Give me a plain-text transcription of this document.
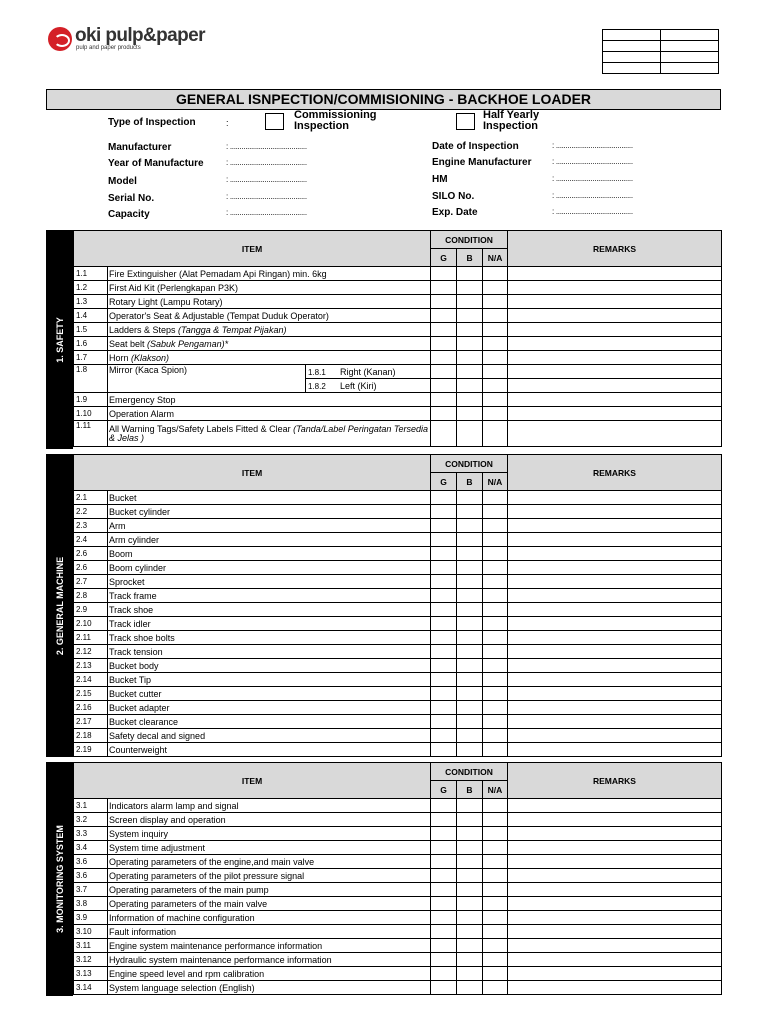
oki pulp&paper
pulp and paper products

GENERAL ISNPECTION/COMMISIONING - BACKHOE LOADER
Type of Inspection	:
Commissioning
Inspection
Half Yearly
Inspection
Manufacturer	: ........................................
Year of Manufacture	: ........................................
Model	: ........................................
Serial No.	: ........................................
Capacity	: ........................................
Date of Inspection	: ........................................
Engine Manufacturer	: ........................................
HM	: ........................................
SILO No.	: ........................................
Exp. Date	: ........................................
1. SAFETY
ITEM			CONDITION			REMARKS
			G	B	N/A	
1.1	Fire Extinguisher (Alat Pemadam Api Ringan) min. 6kg					
1.2	First Aid Kit (Perlengkapan P3K)					
1.3	Rotary Light (Lampu Rotary)					
1.4	Operator's Seat & Adjustable (Tempat Duduk Operator)					
1.5	Ladders & Steps (Tangga & Tempat Pijakan)					
1.6	Seat belt (Sabuk Pengaman)*					
1.7	Horn (Klakson)					
1.8	Mirror (Kaca Spion)	1.8.1 Right (Kanan)				
		1.8.2 Left (Kiri)				
1.9	Emergency Stop					
1.10	Operation Alarm					
1.11	All Warning Tags/Safety Labels Fitted & Clear (Tanda/Label Peringatan Tersedia & Jelas )					
2. GENERAL MACHINE
ITEM		CONDITION			REMARKS
		G	B	N/A	
2.1	Bucket				
2.2	Bucket cylinder				
2.3	Arm				
2.4	Arm cylinder				
2.6	Boom				
2.6	Boom cylinder				
2.7	Sprocket				
2.8	Track frame				
2.9	Track shoe				
2.10	Track idler				
2.11	Track shoe bolts				
2.12	Track tension				
2.13	Bucket body				
2.14	Bucket Tip				
2.15	Bucket cutter				
2.16	Bucket adapter				
2.17	Bucket clearance				
2.18	Safety decal and signed				
2.19	Counterweight				
3. MONITORING SYSTEM
ITEM		CONDITION			REMARKS
		G	B	N/A	
3.1	Indicators alarm lamp and signal				
3.2	Screen display and operation				
3.3	System inquiry				
3.4	System time adjustment				
3.6	Operating parameters of the engine,and main valve				
3.6	Operating parameters of the pilot pressure signal				
3.7	Operating parameters of the main pump				
3.8	Operating parameters of the main valve				
3.9	Information of machine configuration				
3.10	Fault information				
3.11	Engine system maintenance performance information				
3.12	Hydraulic system maintenance performance information				
3.13	Engine speed level and rpm calibration				
3.14	System language selection (English)				
